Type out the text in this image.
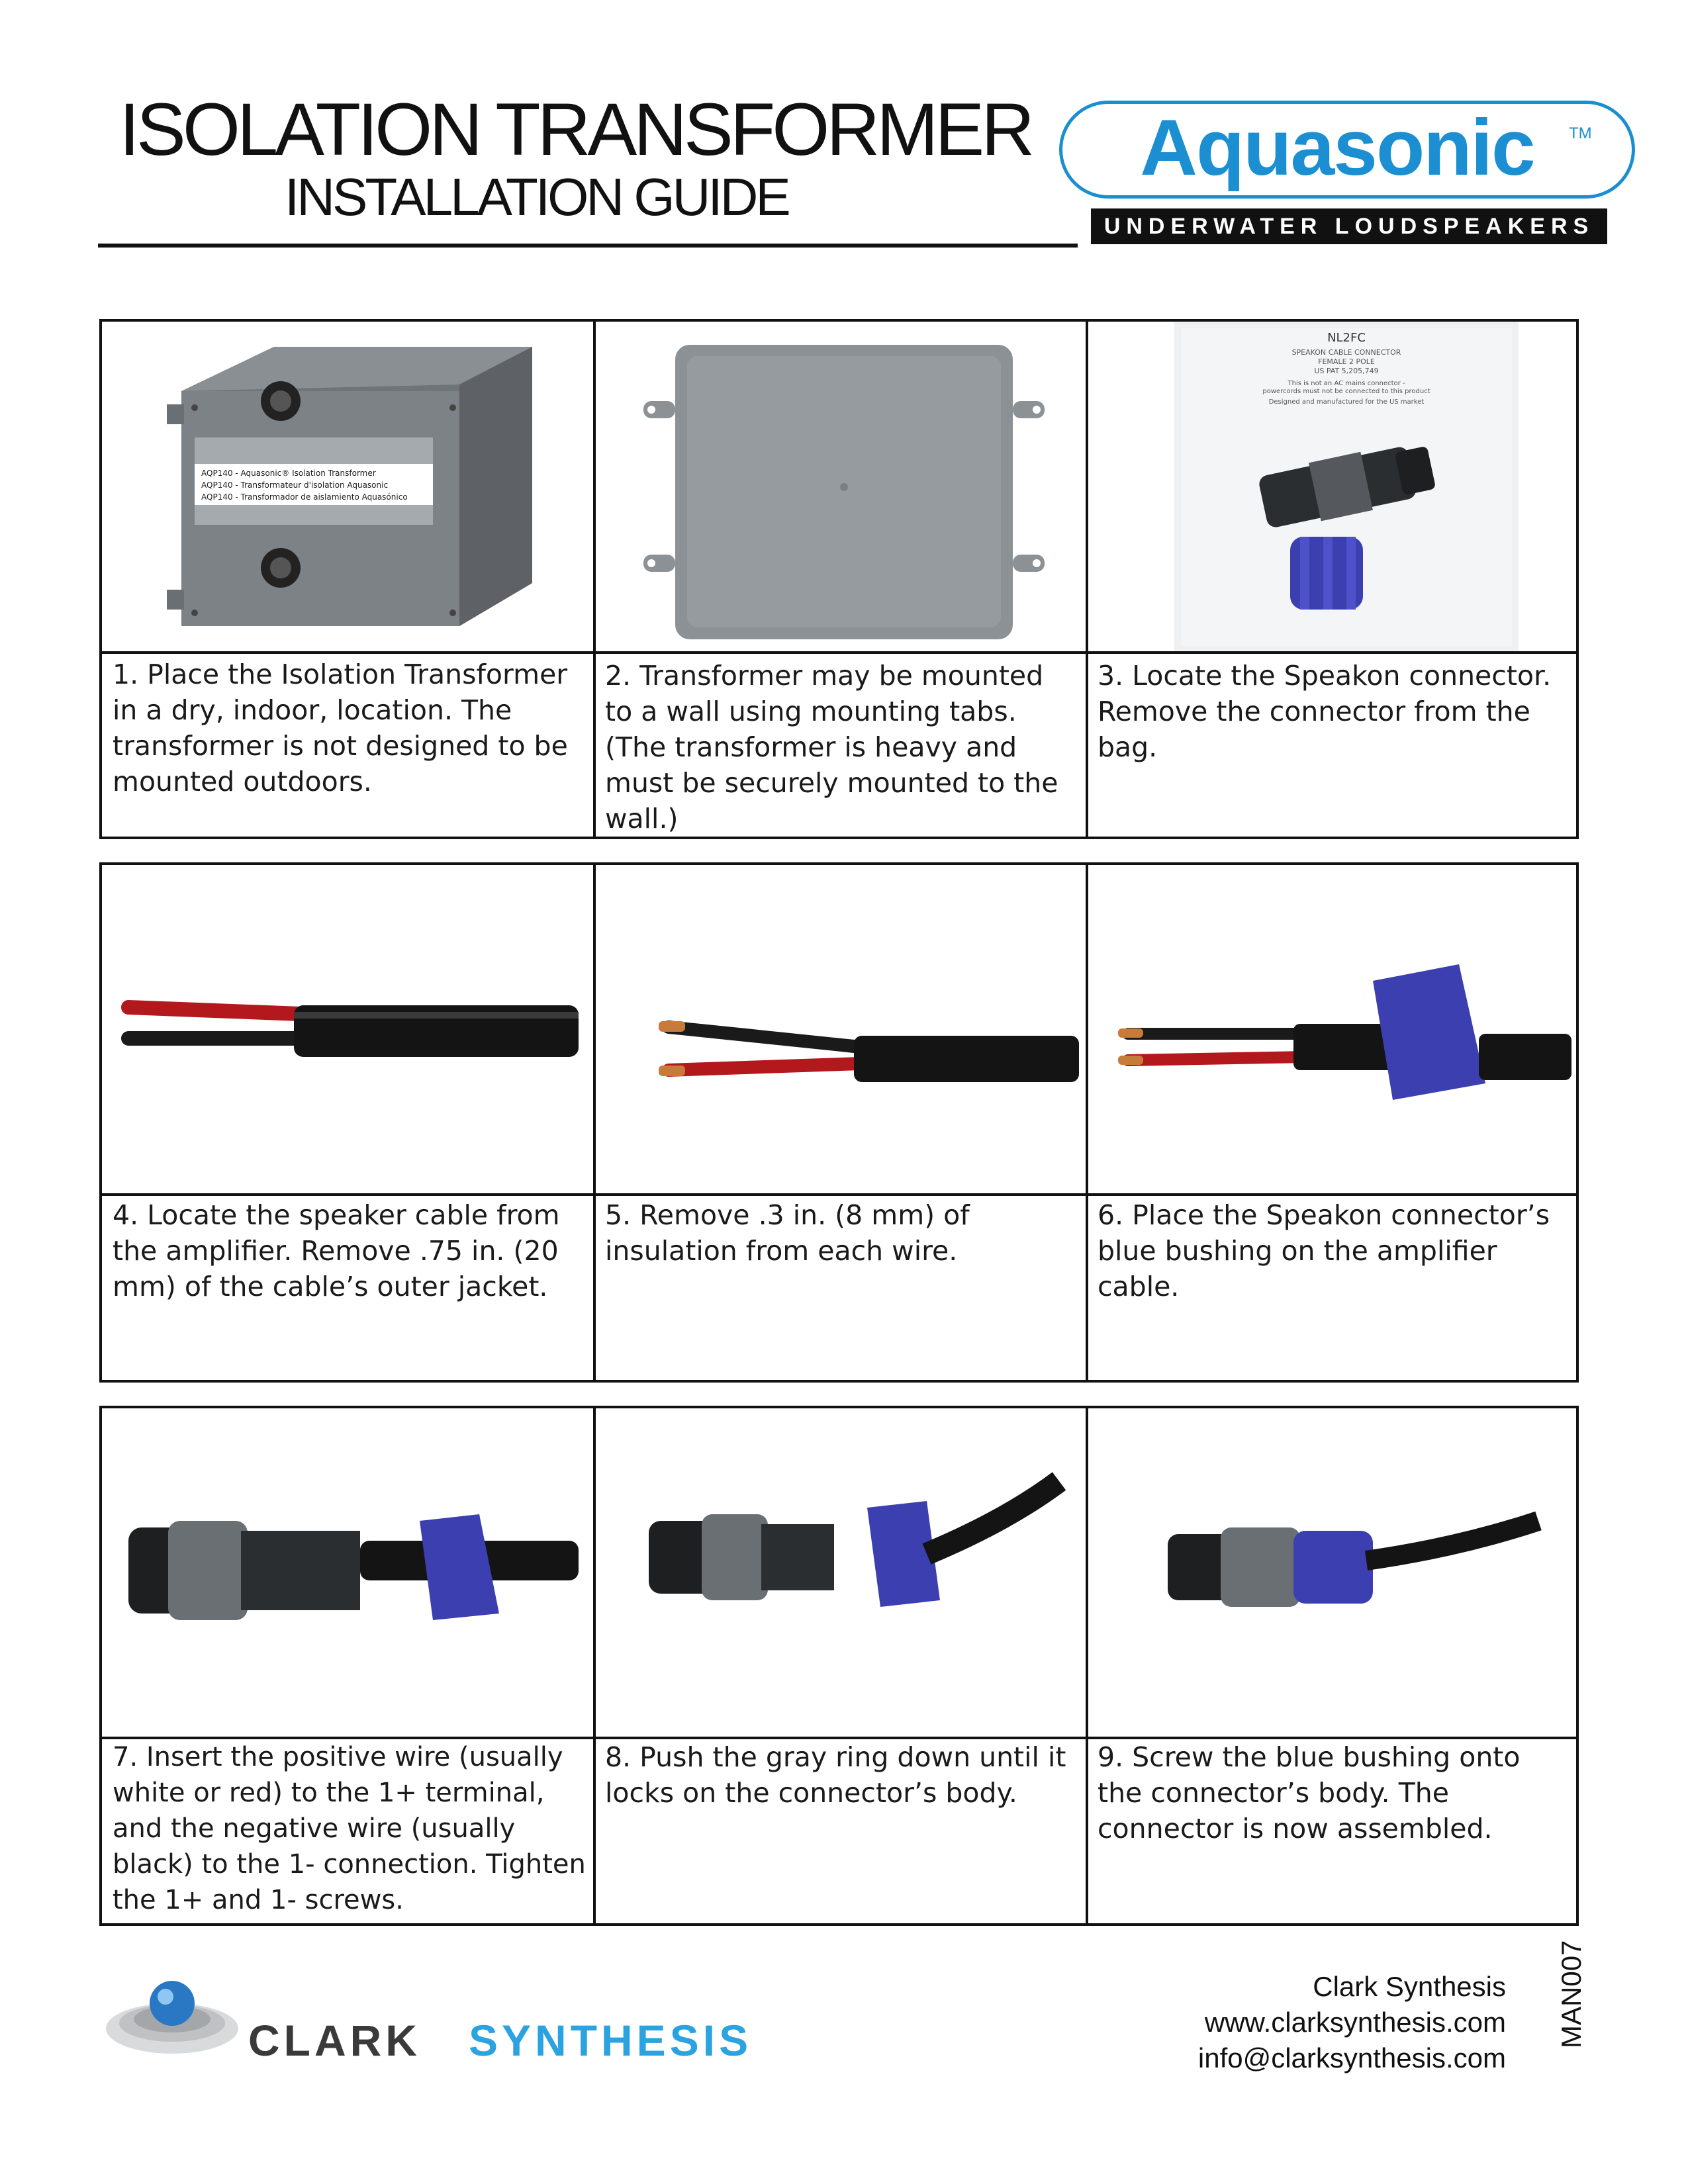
ISOLATION TRANSFORMER
INSTALLATION GUIDE
Aquasonic	TM
UNDERWATER LOUDSPEAKERS
AQP140 - Aquasonic® Isolation Transformer
AQP140 - Transformateur d'isolation Aquasonic
AQP140 - Transformador de aislamiento Aquasónico
1. Place the Isolation Transformer in a dry, indoor, location. The transformer is not designed to be mounted outdoors.
2. Transformer may be mounted to a wall using mounting tabs. (The transformer is heavy and must be securely mounted to the wall.)
NL2FC
SPEAKON CABLE CONNECTOR
FEMALE 2 POLE
US PAT 5,205,749
This is not an AC mains connector -
powercords must not be connected to this product
Designed and manufactured for the US market
3. Locate the Speakon connector. Remove the connector from the bag.
4. Locate the speaker cable from the amplifier. Remove .75 in. (20 mm) of the cable’s outer jacket.
5. Remove .3 in. (8 mm) of insulation from each wire.
6. Place the Speakon connector’s blue bushing on the amplifier cable.
7. Insert the positive wire (usually white or red) to the 1+ terminal, and the negative wire (usually black) to the 1- connection. Tighten the 1+ and 1- screws.
8. Push the gray ring down until it locks on the connector’s body.
9. Screw the blue bushing onto the connector’s body. The connector is now assembled.
CLARK SYNTHESIS
Clark Synthesis
www.clarksynthesis.com
info@clarksynthesis.com
MAN007
